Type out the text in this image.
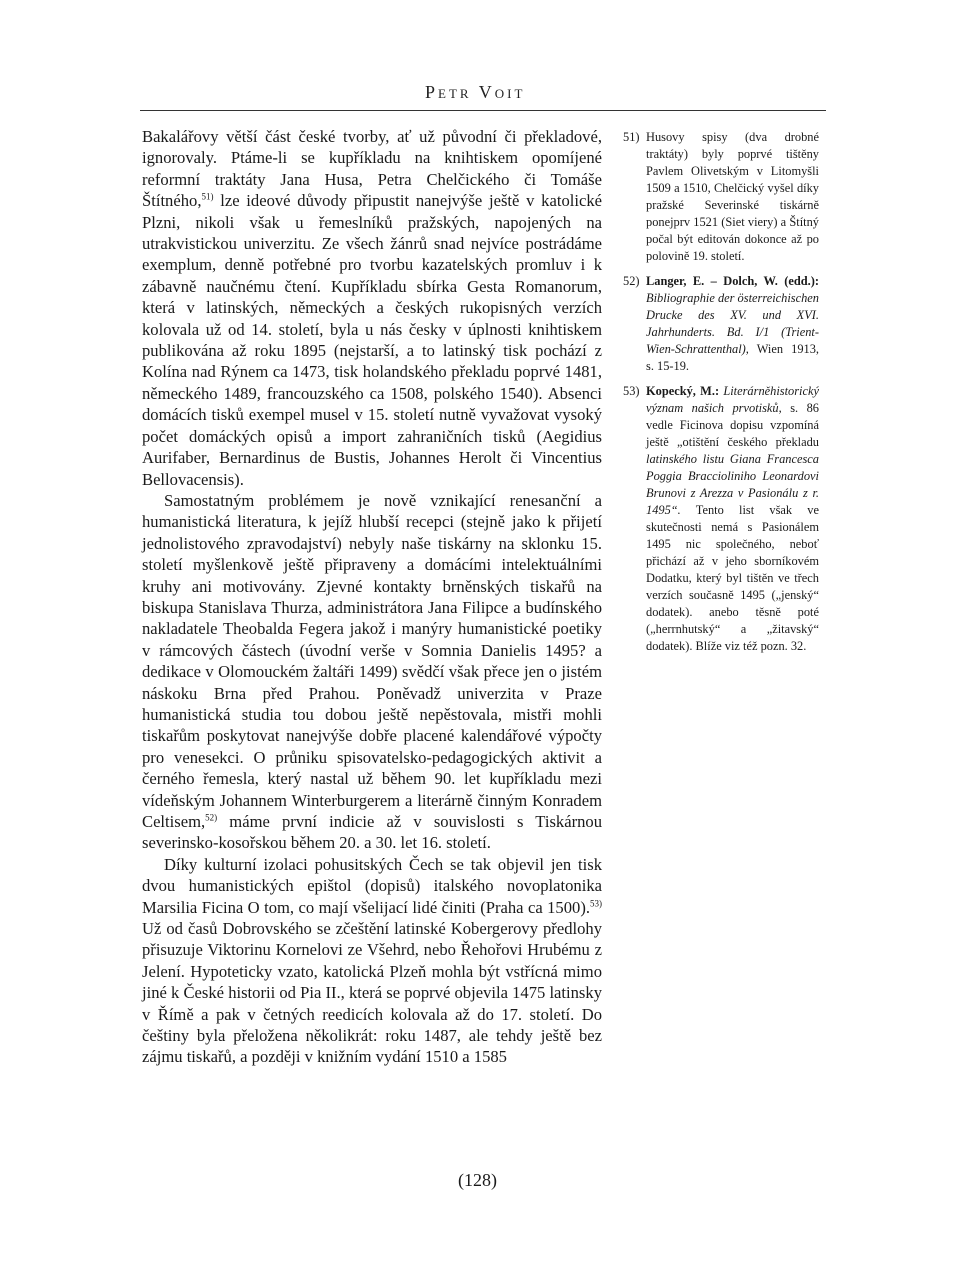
Petr Voit

Bakalářovy větší část české tvorby, ať už původní či překladové, ignorovaly. Ptáme-li se kupříkladu na knihtiskem opomíjené reformní traktáty Jana Husa, Petra Chelčického či Tomáše Štítného,$^{51)}$ lze ideové důvody připustit nanejvýše ještě v katolické Plzni, nikoli však u řemeslníků pražských, napojených na utrakvistickou univerzitu. Ze všech žánrů snad nejvíce postrádáme exemplum, denně potřebné pro tvorbu kazatelských promluv i k zábavně naučnému čtení. Kupříkladu sbírka Gesta Romanorum, která v latinských, německých a českých rukopisných verzích kolovala už od 14. století, byla u nás česky v úplnosti knihtiskem publikována až roku 1895 (nejstarší, a to latinský tisk pochází z Kolína nad Rýnem ca 1473, tisk holandského překladu poprvé 1481, německého 1489, francouzského ca 1508, polského 1540). Absenci domácích tisků exempel musel v 15. století nutně vyvažovat vysoký počet domáckých opisů a import zahraničních tisků (Aegidius Aurifaber, Bernardinus de Bustis, Johannes Herolt či Vincentius Bellovacensis).

Samostatným problémem je nově vznikající renesanční a humanistická literatura, k jejíž hlubší recepci (stejně jako k přijetí jednolistového zpravodajství) nebyly naše tiskárny na sklonku 15. století myšlenkově ještě připraveny a domácími intelektuálními kruhy ani motivovány. Zjevné kontakty brněnských tiskařů na biskupa Stanislava Thurza, administrátora Jana Filipce a budínského nakladatele Theobalda Fegera jakož i manýry humanistické poetiky v rámcových částech (úvodní verše v Somnia Danielis 1495? a dedikace v Olomouckém žaltáři 1499) svědčí však přece jen o jistém náskoku Brna před Prahou. Poněvadž univerzita v Praze humanistická studia tou dobou ještě nepěstovala, mistři mohli tiskařům poskytovat nanejvýše dobře placené kalendářové výpočty pro venesekci. O průniku spisovatelsko-pedagogických aktivit a černého řemesla, který nastal už během 90. let kupříkladu mezi vídeňským Johannem Winterburgerem a literárně činným Konradem Celtisem,$^{52)}$ máme první indicie až v souvislosti s Tiskárnou severinsko-kosořskou během 20. a 30. let 16. století.

Díky kulturní izolaci pohusitských Čech se tak objevil jen tisk dvou humanistických epištol (dopisů) italského novoplatonika Marsilia Ficina O tom, co mají všelijací lidé činiti (Praha ca 1500).$^{53)}$ Už od časů Dobrovského se zčeštění latinské Kobergerovy předlohy přisuzuje Viktorinu Kornelovi ze Všehrd, nebo Řehořovi Hrubému z Jelení. Hypoteticky vzato, katolická Plzeň mohla být vstřícná mimo jiné k České historii od Pia II., která se poprvé objevila 1475 latinsky v Římě a pak v četných reedicích kolovala až do 17. století. Do češtiny byla přeložena několikrát: roku 1487, ale tehdy ještě bez zájmu tiskařů, a později v knižním vydání 1510 a 1585

51) Husovy spisy (dva drobné traktáty) byly poprvé tištěny Pavlem Olivetským v Litomyšli 1509 a 1510, Chelčický vyšel díky pražské Severinské tiskárně ponejprv 1521 (Siet viery) a Štítný počal být editován dokonce až po polovině 19. století.
52) Langer, E. – Dolch, W. (edd.): Bibliographie der österreichischen Drucke des XV. und XVI. Jahrhunderts. Bd. I/1 (Trient-Wien-Schrattenthal), Wien 1913, s. 15-19.
53) Kopecký, M.: Literárněhistorický význam našich prvotisků, s. 86 vedle Ficinova dopisu vzpomíná ještě „otištění českého překladu latinského listu Giana Francesca Poggia Braccioliniho Leonardovi Brunovi z Arezza v Pasionálu z r. 1495“. Tento list však ve skutečnosti nemá s Pasionálem 1495 nic společného, neboť přichází až v jeho sborníkovém Dodatku, který byl tištěn ve třech verzích současně 1495 („jenský“ dodatek). anebo těsně poté („herrnhutský“ a „žitavský“ dodatek). Blíže viz též pozn. 32.
(128)
